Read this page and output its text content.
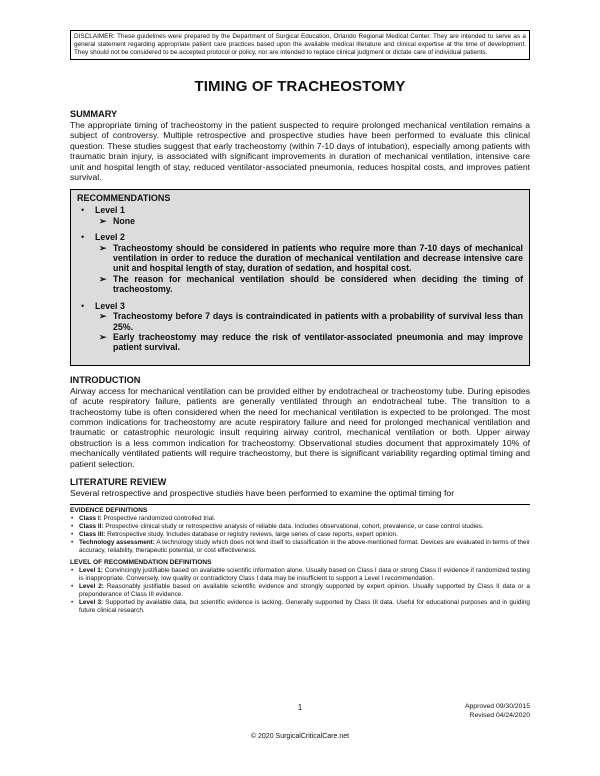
DISCLAIMER: These guidelines were prepared by the Department of Surgical Education, Orlando Regional Medical Center. They are intended to serve as a general statement regarding appropriate patient care practices based upon the available medical literature and clinical expertise at the time of development. They should not be considered to be accepted protocol or policy, nor are intended to replace clinical judgment or dictate care of individual patients.
TIMING OF TRACHEOSTOMY
SUMMARY

The appropriate timing of tracheostomy in the patient suspected to require prolonged mechanical ventilation remains a subject of controversy. Multiple retrospective and prospective studies have been performed to evaluate this clinical question. These studies suggest that early tracheostomy (within 7-10 days of intubation), especially among patients with traumatic brain injury, is associated with significant improvements in duration of mechanical ventilation, intensive care unit and hospital length of stay, reduced ventilator-associated pneumonia, reduces hospital costs, and improves patient survival.

RECOMMENDATIONS
• Level 1
➢ None
• Level 2
➢ Tracheostomy should be considered in patients who require more than 7-10 days of mechanical ventilation in order to reduce the duration of mechanical ventilation and decrease intensive care unit and hospital length of stay, duration of sedation, and hospital cost.
➢ The reason for mechanical ventilation should be considered when deciding the timing of tracheostomy.
• Level 3
➢ Tracheostomy before 7 days is contraindicated in patients with a probability of survival less than 25%.
➢ Early tracheostomy may reduce the risk of ventilator-associated pneumonia and may improve patient survival.
INTRODUCTION

Airway access for mechanical ventilation can be provided either by endotracheal or tracheostomy tube. During episodes of acute respiratory failure, patients are generally ventilated through an endotracheal tube. The transition to a tracheostomy tube is often considered when the need for mechanical ventilation is expected to be prolonged. The most common indications for tracheostomy are acute respiratory failure and need for prolonged mechanical ventilation and traumatic or catastrophic neurologic insult requiring airway control, mechanical ventilation or both. Upper airway obstruction is a less common indication for tracheostomy. Observational studies document that approximately 10% of mechanically ventilated patients will require tracheostomy, but there is significant variability regarding optimal timing and patient selection.

LITERATURE REVIEW

Several retrospective and prospective studies have been performed to examine the optimal timing for

EVIDENCE DEFINITIONS
• Class I: Prospective randomized controlled trial.
• Class II: Prospective clinical study or retrospective analysis of reliable data. Includes observational, cohort, prevalence, or case control studies.
• Class III: Retrospective study. Includes database or registry reviews, large series of case reports, expert opinion.
• Technology assessment: A technology study which does not lend itself to classification in the above-mentioned format. Devices are evaluated in terms of their accuracy, reliability, therapeutic potential, or cost effectiveness.
LEVEL OF RECOMMENDATION DEFINITIONS
• Level 1: Convincingly justifiable based on available scientific information alone. Usually based on Class I data or strong Class II evidence if randomized testing is inappropriate. Conversely, low quality or contradictory Class I data may be insufficient to support a Level I recommendation.
• Level 2: Reasonably justifiable based on available scientific evidence and strongly supported by expert opinion. Usually supported by Class II data or a preponderance of Class III evidence.
• Level 3: Supported by available data, but scientific evidence is lacking. Generally supported by Class III data. Useful for educational purposes and in guiding future clinical research.
1	Approved 09/30/2015
Revised 04/24/2020
© 2020 SurgicalCriticalCare.net
